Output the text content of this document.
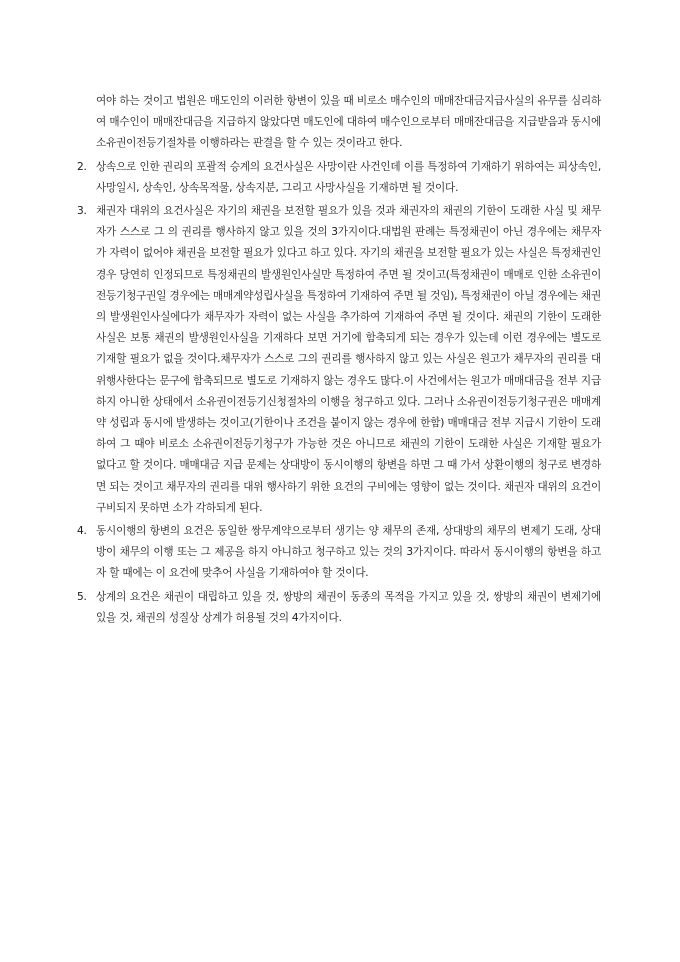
여야 하는 것이고 법원은 매도인의 이러한 항변이 있을 때 비로소 매수인의 매매잔대금지급사실의 유무를 심리하여 매수인이 매매잔대금을 지급하지 않았다면 매도인에 대하여 매수인으로부터 매매잔대금을 지급받음과 동시에 소유권이전등기절차를 이행하라는 판결을 할 수 있는 것이라고 한다.

2. 상속으로 인한 권리의 포괄적 승계의 요건사실은 사망이란 사건인데 이를 특정하여 기재하기 위하여는 피상속인, 사망일시, 상속인, 상속목적물, 상속지분, 그리고 사망사실을 기재하면 될 것이다.
3. 채권자 대위의 요건사실은 자기의 채권을 보전할 필요가 있을 것과 채권자의 채권의 기한이 도래한 사실 및 채무자가 스스로 그 의 권리를 행사하지 않고 있을 것의 3가지이다.대법원 판례는 특정채권이 아닌 경우에는 채무자가 자력이 없어야 채권을 보전할 필요가 있다고 하고 있다. 자기의 채권을 보전할 필요가 있는 사실은 특정채권인 경우 당연히 인정되므로 특정채권의 발생원인사실만 특정하여 주면 될 것이고(특정채권이 매매로 인한 소유권이전등기청구권일 경우에는 매매계약성립사실을 특정하여 기재하여 주면 될 것임), 특정채권이 아닐 경우에는 채권의 발생원인사실에다가 채무자가 자력이 없는 사실을 추가하여 기재하여 주면 될 것이다. 채권의 기한이 도래한 사실은 보통 채권의 발생원인사실을 기재하다 보면 거기에 함축되게 되는 경우가 있는데 이런 경우에는 별도로 기재할 필요가 없을 것이다.채무자가 스스로 그의 권리를 행사하지 않고 있는 사실은 원고가 채무자의 권리를 대위행사한다는 문구에 함축되므로 별도로 기재하지 않는 경우도 많다.이 사건에서는 원고가 매매대금을 전부 지급하지 아니한 상태에서 소유권이전등기신청절차의 이행을 청구하고 있다. 그러나 소유권이전등기청구권은 매매계약 성립과 동시에 발생하는 것이고(기한이나 조건을 붙이지 않는 경우에 한함) 매매대금 전부 지급시 기한이 도래하여 그 때야 비로소 소유권이전등기청구가 가능한 것은 아니므로 채권의 기한이 도래한 사실은 기재할 필요가 없다고 할 것이다. 매매대금 지급 문제는 상대방이 동시이행의 항변을 하면 그 때 가서 상환이행의 청구로 변경하면 되는 것이고 채무자의 권리를 대위 행사하기 위한 요건의 구비에는 영향이 없는 것이다. 채권자 대위의 요건이 구비되지 못하면 소가 각하되게 된다.
4. 동시이행의 항변의 요건은 동일한 쌍무계약으로부터 생기는 양 채무의 존재, 상대방의 채무의 변제기 도래, 상대방이 채무의 이행 또는 그 제공을 하지 아니하고 청구하고 있는 것의 3가지이다. 따라서 동시이행의 항변을 하고자 할 때에는 이 요건에 맞추어 사실을 기재하여야 할 것이다.
5. 상계의 요건은 채권이 대립하고 있을 것, 쌍방의 채권이 동종의 목적을 가지고 있을 것, 쌍방의 채권이 변제기에 있을 것, 채권의 성질상 상계가 허용될 것의 4가지이다.
